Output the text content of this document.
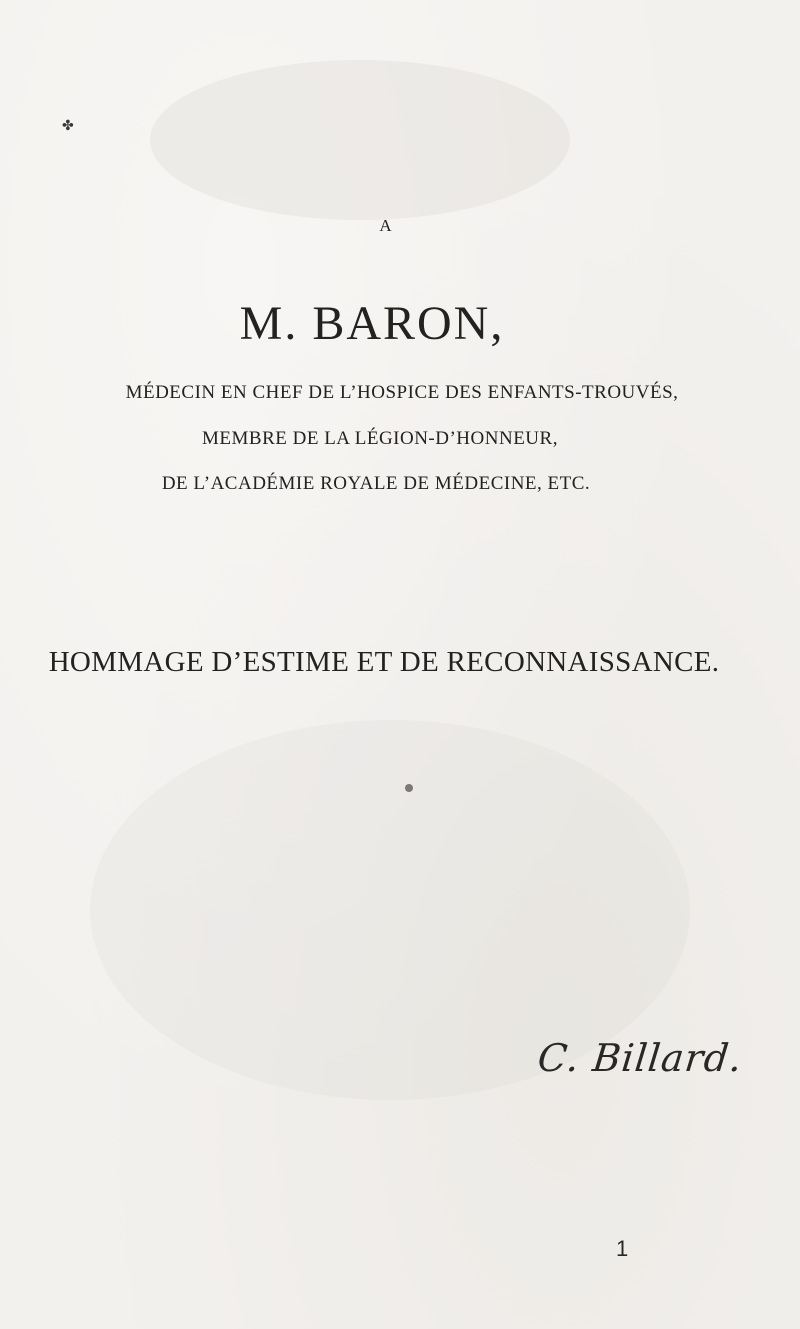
✤
A
M. BARON,
MÉDECIN EN CHEF DE L’HOSPICE DES ENFANTS-TROUVÉS,
MEMBRE DE LA LÉGION-D’HONNEUR,
DE L’ACADÉMIE ROYALE DE MÉDECINE, ETC.
HOMMAGE D’ESTIME ET DE RECONNAISSANCE.
C. Billard.
1
